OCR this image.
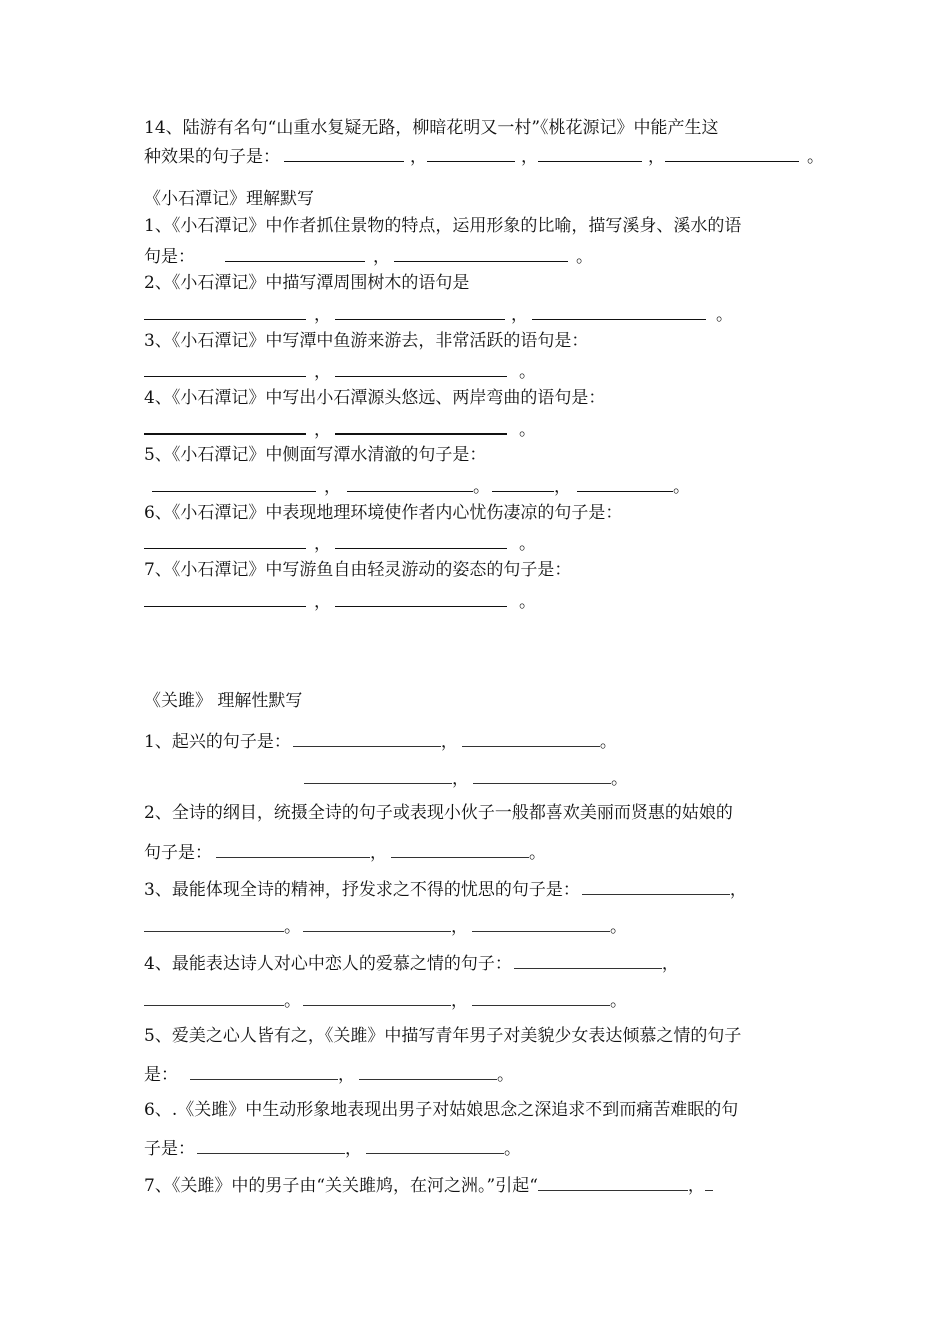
14、陆游有名句“山重水复疑无路，柳暗花明又一村”《桃花源记》中能产生这
种效果的句子是：	，	，	，	。
《小石潭记》理解默写
1、《小石潭记》中作者抓住景物的特点，运用形象的比喻，描写溪身、溪水的语
句是：	，	。
2、《小石潭记》中描写潭周围树木的语句是
，	，	。
3、《小石潭记》中写潭中鱼游来游去，非常活跃的语句是：
，	。
4、《小石潭记》中写出小石潭源头悠远、两岸弯曲的语句是：
，	。
5、《小石潭记》中侧面写潭水清澈的句子是：
，	。	，	。
6、《小石潭记》中表现地理环境使作者内心忧伤凄凉的句子是：
，	。
7、《小石潭记》中写游鱼自由轻灵游动的姿态的句子是：
，	。
《关雎》 理解性默写
1、起兴的句子是：	，	。
，	。
2、全诗的纲目，统摄全诗的句子或表现小伙子一般都喜欢美丽而贤惠的姑娘的
句子是：	，	。
3、最能体现全诗的精神，抒发求之不得的忧思的句子是：	，
。	，	。
4、最能表达诗人对心中恋人的爱慕之情的句子：	，
。	，	。
5、爱美之心人皆有之，《关雎》中描写青年男子对美貌少女表达倾慕之情的句子
是：	，	。
6、.《关雎》中生动形象地表现出男子对姑娘思念之深追求不到而痛苦难眠的句
子是：	，	。
7、《关雎》中的男子由“关关雎鸠，在河之洲。”引起“	，
